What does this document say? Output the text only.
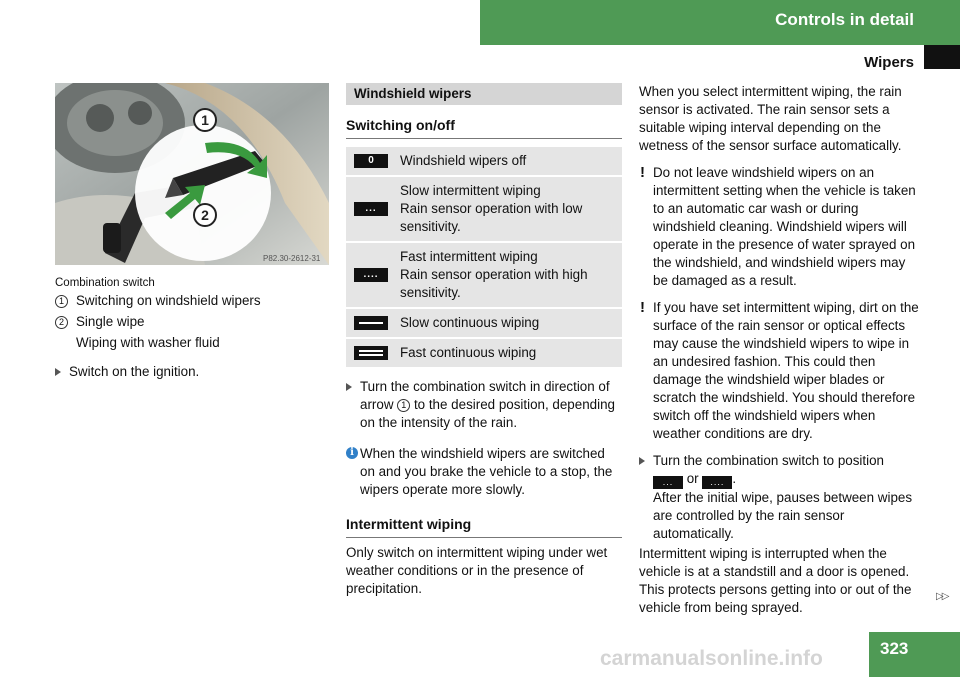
Controls in detail
Wipers
1
2
P82.30-2612-31
Combination switch
1 Switching on windshield wipers
2 Single wipe
Wiping with washer fluid
Switch on the ignition.
Windshield wipers
Switching on/off
0	Windshield wipers off

...	Slow intermittent wiping
Rain sensor operation with low sensitivity.

....	Fast intermittent wiping
Rain sensor operation with high sensitivity.

	Slow continuous wiping

	Fast continuous wiping
Turn the combination switch in direction of arrow 1 to the desired position, depending on the intensity of the rain.
i When the windshield wipers are switched on and you brake the vehicle to a stop, the wipers operate more slowly.
Intermittent wiping
Only switch on intermittent wiping under wet weather conditions or in the presence of precipitation.
When you select intermittent wiping, the rain sensor is activated. The rain sensor sets a suitable wiping interval depending on the wetness of the sensor surface automatically.
! Do not leave windshield wipers on an intermittent setting when the vehicle is taken to an automatic car wash or during windshield cleaning. Windshield wipers will operate in the presence of water sprayed on the windshield, and windshield wipers may be damaged as a result.
! If you have set intermittent wiping, dirt on the surface of the rain sensor or optical effects may cause the windshield wipers to wipe in an undesired fashion. This could then damage the windshield wiper blades or scratch the windshield. You should therefore switch off the windshield wipers when weather conditions are dry.
Turn the combination switch to position
... or .... .
After the initial wipe, pauses between wipes are controlled by the rain sensor automatically.
Intermittent wiping is interrupted when the vehicle is at a standstill and a door is opened. This protects persons getting into or out of the vehicle from being sprayed.
▷▷
323
carmanualsonline.info
